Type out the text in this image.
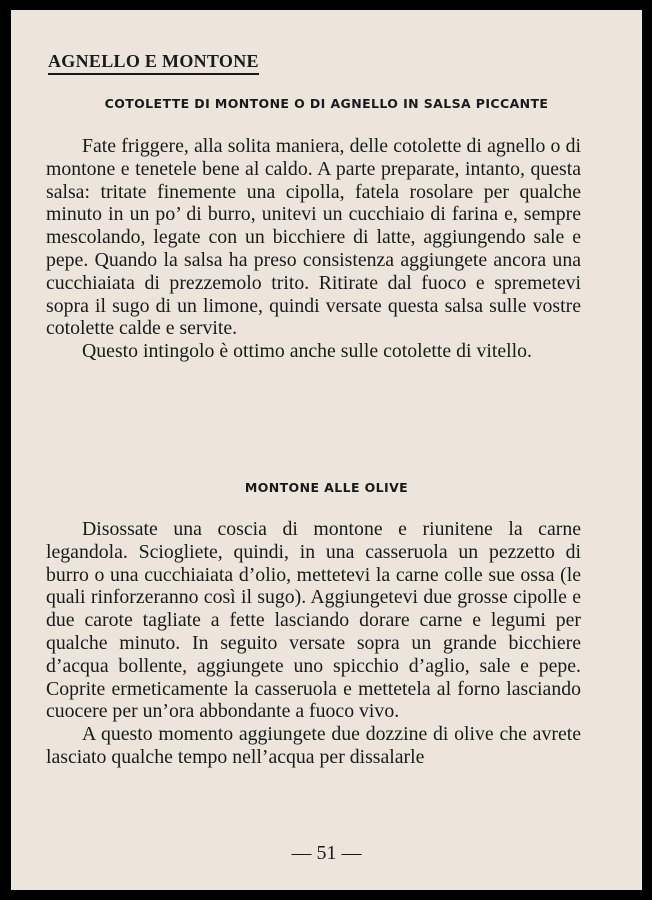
AGNELLO E MONTONE
COTOLETTE DI MONTONE O DI AGNELLO IN SALSA PICCANTE

Fate friggere, alla solita maniera, delle cotolette di agnello o di montone e tenetele bene al caldo. A parte preparate, intanto, questa salsa: tritate finemente una cipolla, fatela rosolare per qualche minuto in un po’ di burro, unitevi un cucchiaio di farina e, sempre mescolando, legate con un bicchiere di latte, aggiungendo sale e pepe. Quando la salsa ha preso consistenza aggiungete ancora una cucchiaiata di prezzemolo trito. Ritirate dal fuoco e spremetevi sopra il sugo di un limone, quindi versate questa salsa sulle vostre cotolette calde e servite.

Questo intingolo è ottimo anche sulle cotolette di vitello.

MONTONE ALLE OLIVE

Disossate una coscia di montone e riunitene la carne legandola. Sciogliete, quindi, in una casseruola un pezzetto di burro o una cucchiaiata d’olio, mettetevi la carne colle sue ossa (le quali rinforzeranno così il sugo). Aggiungetevi due grosse cipolle e due carote tagliate a fette lasciando dorare carne e legumi per qualche minuto. In seguito versate sopra un grande bicchiere d’acqua bollente, aggiungete uno spicchio d’aglio, sale e pepe. Coprite ermeticamente la casseruola e mettetela al forno lasciando cuocere per un’ora abbondante a fuoco vivo.

A questo momento aggiungete due dozzine di olive che avrete lasciato qualche tempo nell’acqua per dissalarle

— 51 —
